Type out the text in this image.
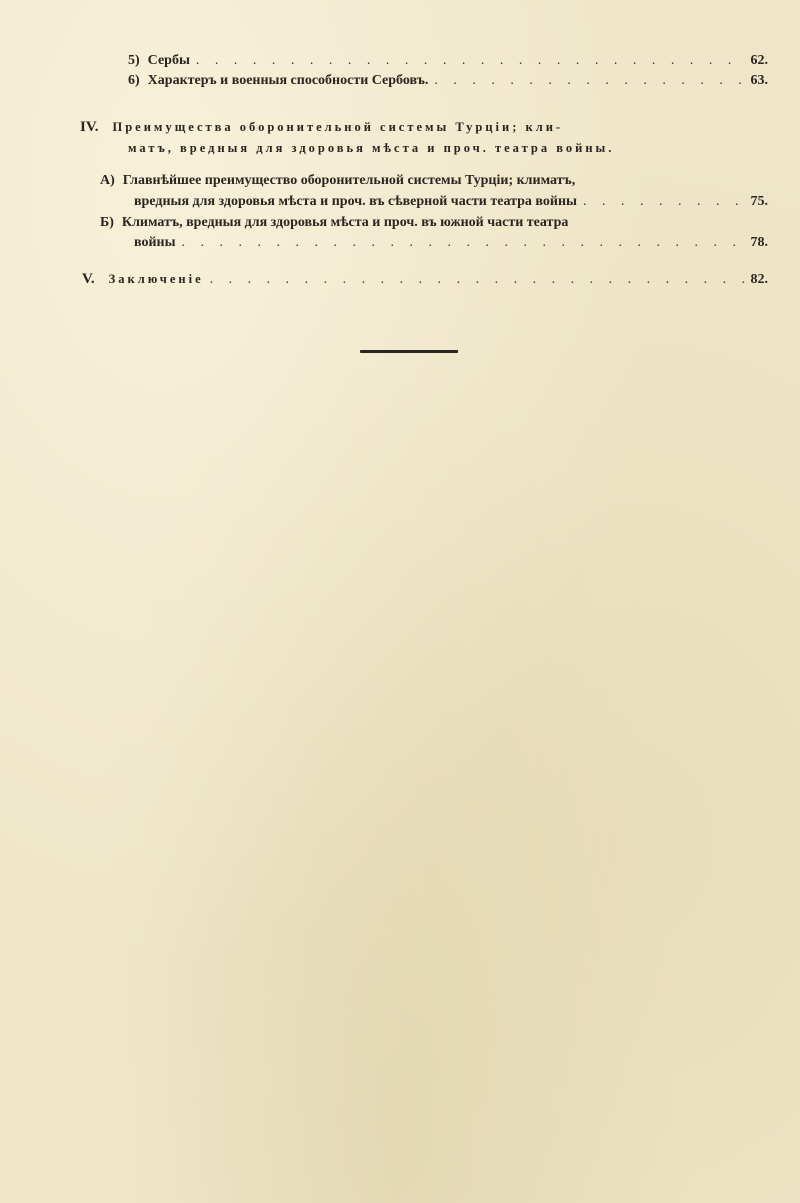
5) Сербы . . .	62.
6) Характеръ и военныя способности Сербовъ. . . .	63.
IV. Преимущества оборонительной системы Турціи; кли-
матъ, вредныя для здоровья мѣста и проч. театра войны.
А) Главнѣйшее преимущество оборонительной системы Турціи; климатъ,
вредныя для здоровья мѣста и проч. въ сѣверной части театра войны . . .	75.
Б) Климатъ, вредныя для здоровья мѣста и проч. въ южной части театра
войны . . .	78.
V. Заключеніе . . .	82.
